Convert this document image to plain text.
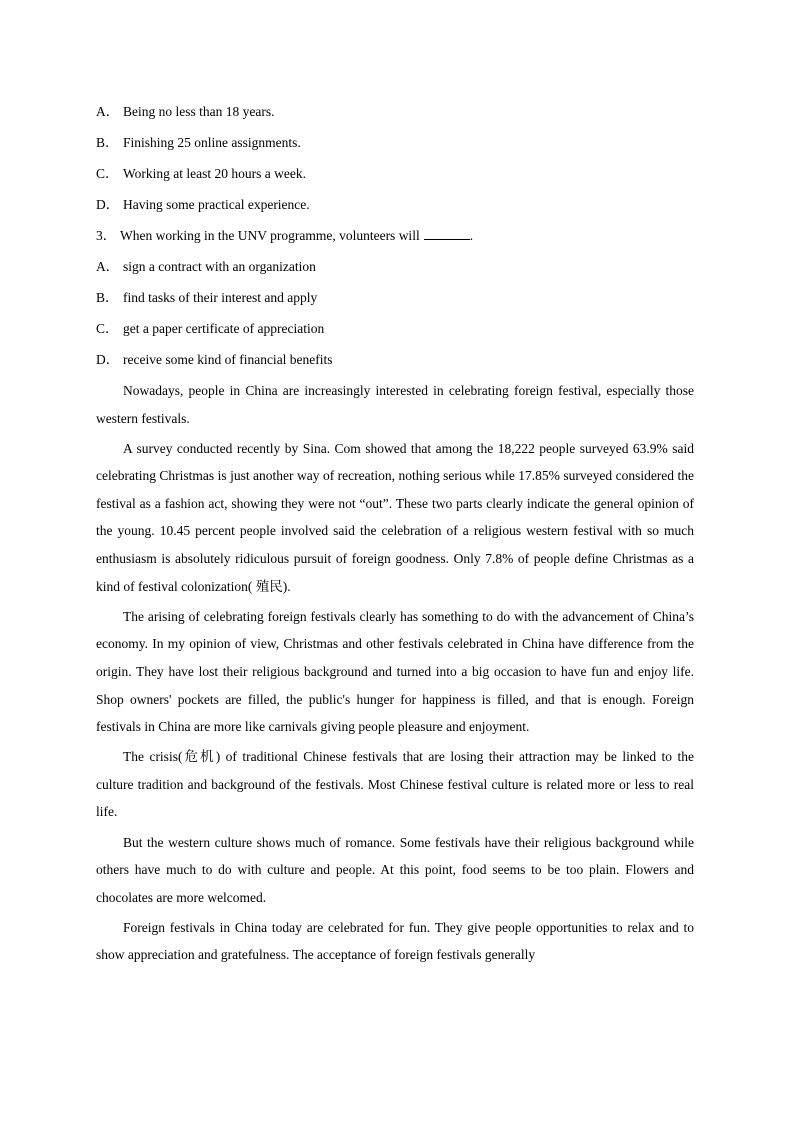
A． Being no less than 18 years.
B． Finishing 25 online assignments.
C． Working at least 20 hours a week.
D． Having some practical experience.
3． When working in the UNV programme, volunteers will	.
A． sign a contract with an organization
B． find tasks of their interest and apply
C． get a paper certificate of appreciation
D． receive some kind of financial benefits

Nowadays, people in China are increasingly interested in celebrating foreign festival, especially those western festivals.

A survey conducted recently by Sina. Com showed that among the 18,222 people surveyed 63.9% said celebrating Christmas is just another way of recreation, nothing serious while 17.85% surveyed considered the festival as a fashion act, showing they were not “out”. These two parts clearly indicate the general opinion of the young. 10.45 percent people involved said the celebration of a religious western festival with so much enthusiasm is absolutely ridiculous pursuit of foreign goodness. Only 7.8% of people define Christmas as a kind of festival colonization( 殖民).

The arising of celebrating foreign festivals clearly has something to do with the advancement of China’s economy. In my opinion of view, Christmas and other festivals celebrated in China have difference from the origin. They have lost their religious background and turned into a big occasion to have fun and enjoy life. Shop owners' pockets are filled, the public's hunger for happiness is filled, and that is enough. Foreign festivals in China are more like carnivals giving people pleasure and enjoyment.

The crisis(危机) of traditional Chinese festivals that are losing their attraction may be linked to the culture tradition and background of the festivals. Most Chinese festival culture is related more or less to real life.

But the western culture shows much of romance. Some festivals have their religious background while others have much to do with culture and people. At this point, food seems to be too plain. Flowers and chocolates are more welcomed.

Foreign festivals in China today are celebrated for fun. They give people opportunities to relax and to show appreciation and gratefulness. The acceptance of foreign festivals generally
